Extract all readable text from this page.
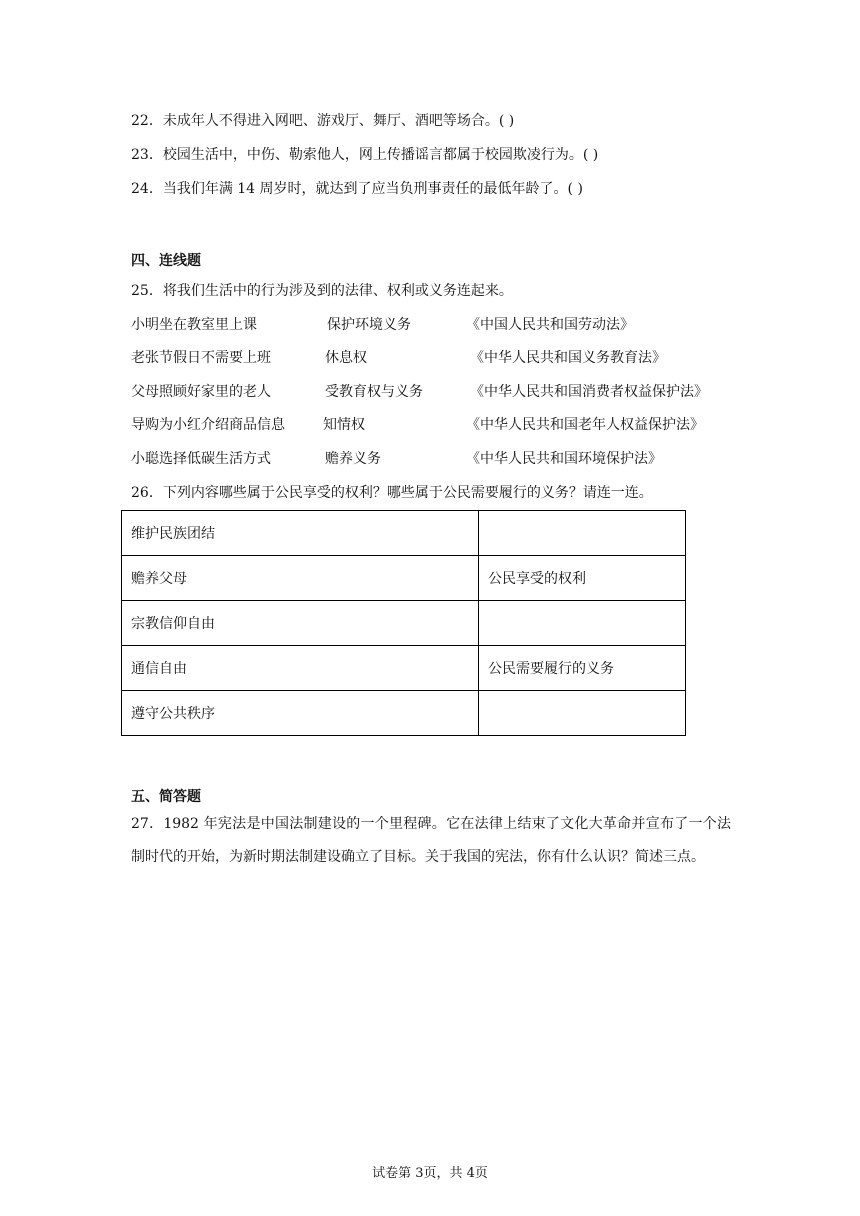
22．未成年人不得进入网吧、游戏厅、舞厅、酒吧等场合。( )
23．校园生活中，中伤、勒索他人，网上传播谣言都属于校园欺凌行为。( )
24．当我们年满 14 周岁时，就达到了应当负刑事责任的最低年龄了。( )
四、连线题
25．将我们生活中的行为涉及到的法律、权利或义务连起来。
小明坐在教室里上课	保护环境义务	《中国人民共和国劳动法》
老张节假日不需要上班	休息权	《中华人民共和国义务教育法》
父母照顾好家里的老人	受教育权与义务	《中华人民共和国消费者权益保护法》
导购为小红介绍商品信息	知情权	《中华人民共和国老年人权益保护法》
小聪选择低碳生活方式	赡养义务	《中华人民共和国环境保护法》
26．下列内容哪些属于公民享受的权利？哪些属于公民需要履行的义务？请连一连。
维护民族团结	
赡养父母	公民享受的权利
宗教信仰自由	
通信自由	公民需要履行的义务
遵守公共秩序	
五、简答题
27．1982 年宪法是中国法制建设的一个里程碑。它在法律上结束了文化大革命并宣布了一个法制时代的开始，为新时期法制建设确立了目标。关于我国的宪法，你有什么认识？简述三点。
试卷第 3页，共 4页
